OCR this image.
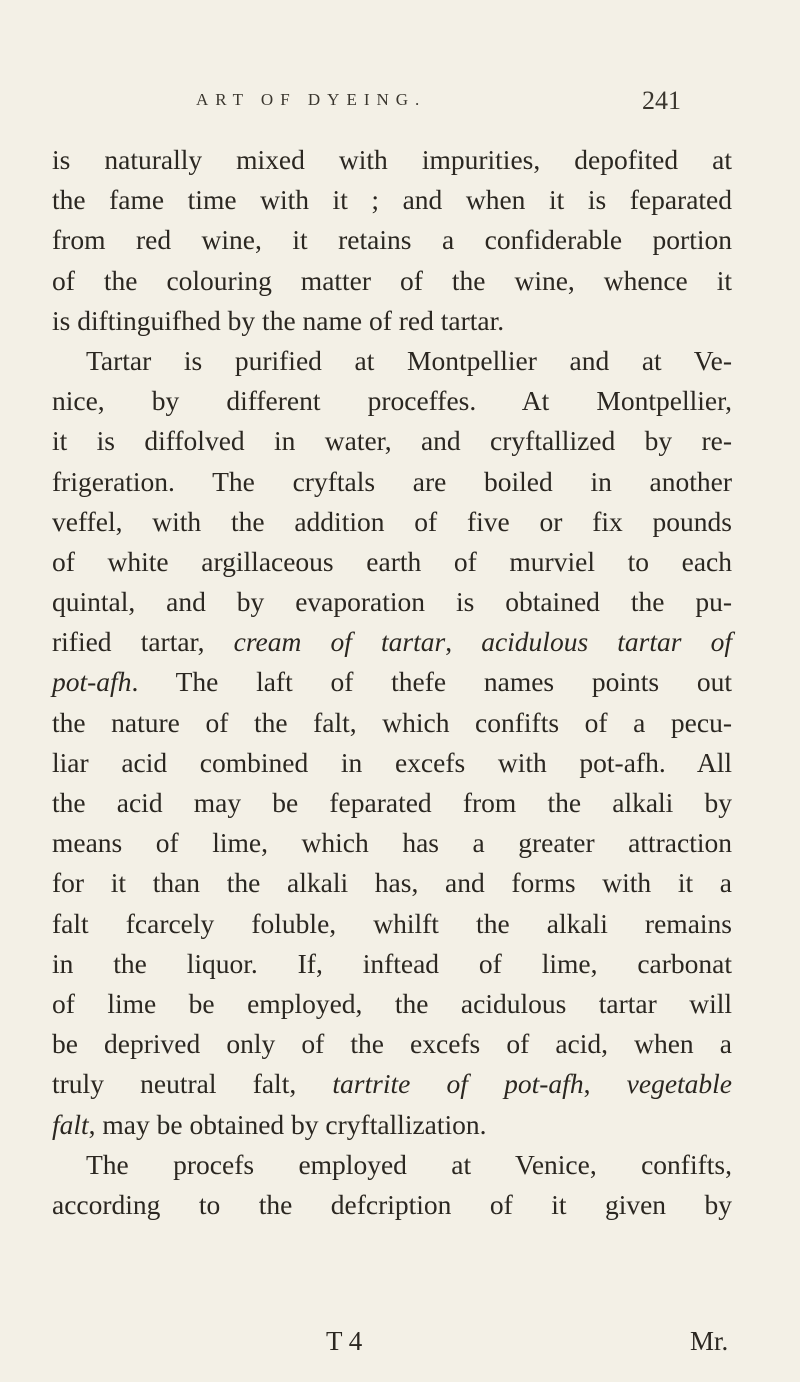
ART OF DYEING.	241
is naturally mixed with impurities, depofited at
the fame time with it ; and when it is feparated
from red wine, it retains a confiderable portion
of the colouring matter of the wine, whence it
is diftinguifhed by the name of red tartar.
Tartar is purified at Montpellier and at Ve-
nice, by different proceffes. At Montpellier,
it is diffolved in water, and cryftallized by re-
frigeration. The cryftals are boiled in another
veffel, with the addition of five or fix pounds
of white argillaceous earth of murviel to each
quintal, and by evaporation is obtained the pu-
rified tartar, cream of tartar, acidulous tartar of
pot-afh. The laft of thefe names points out
the nature of the falt, which confifts of a pecu-
liar acid combined in excefs with pot-afh. All
the acid may be feparated from the alkali by
means of lime, which has a greater attraction
for it than the alkali has, and forms with it a
falt fcarcely foluble, whilft the alkali remains
in the liquor. If, inftead of lime, carbonat
of lime be employed, the acidulous tartar will
be deprived only of the excefs of acid, when a
truly neutral falt, tartrite of pot-afh, vegetable
falt, may be obtained by cryftallization.
The procefs employed at Venice, confifts,
according to the defcription of it given by
T 4	Mr.
